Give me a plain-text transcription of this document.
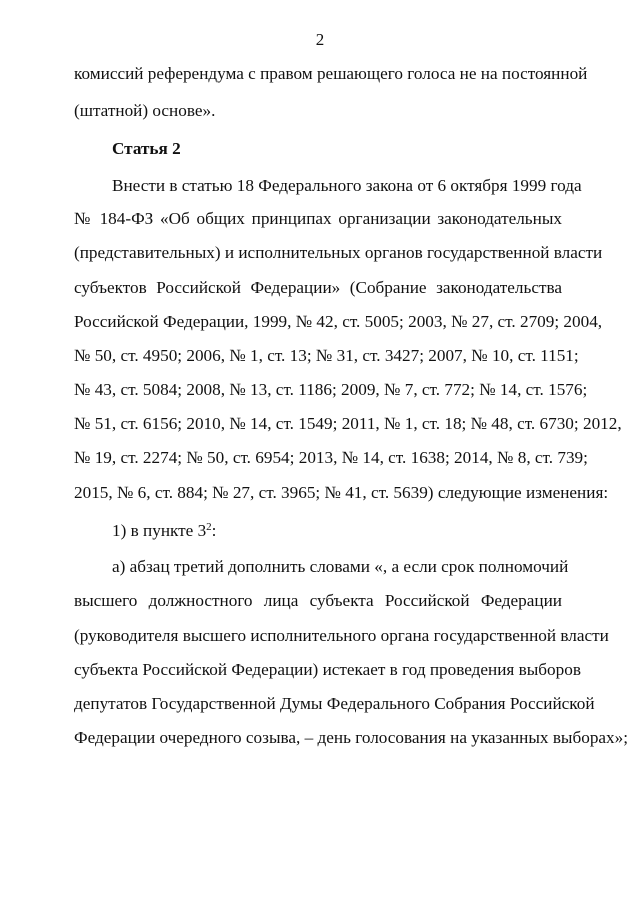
2
комиссий референдума с правом решающего голоса не на постоянной
(штатной) основе».
Статья 2
Внести в статью 18 Федерального закона от 6 октября 1999 года
№ 184-ФЗ «Об общих принципах организации законодательных
(представительных) и исполнительных органов государственной власти
субъектов Российской Федерации» (Собрание законодательства
Российской Федерации, 1999, № 42, ст. 5005; 2003, № 27, ст. 2709; 2004,
№ 50, ст. 4950; 2006, № 1, ст. 13; № 31, ст. 3427; 2007, № 10, ст. 1151;
№ 43, ст. 5084; 2008, № 13, ст. 1186; 2009, № 7, ст. 772; № 14, ст. 1576;
№ 51, ст. 6156; 2010, № 14, ст. 1549; 2011, № 1, ст. 18; № 48, ст. 6730; 2012,
№ 19, ст. 2274; № 50, ст. 6954; 2013, № 14, ст. 1638; 2014, № 8, ст. 739;
2015, № 6, ст. 884; № 27, ст. 3965; № 41, ст. 5639) следующие изменения:
1) в пункте $3^2$:
а) абзац третий дополнить словами «, а если срок полномочий
высшего должностного лица субъекта Российской Федерации
(руководителя высшего исполнительного органа государственной власти
субъекта Российской Федерации) истекает в год проведения выборов
депутатов Государственной Думы Федерального Собрания Российской
Федерации очередного созыва, – день голосования на указанных выборах»;
